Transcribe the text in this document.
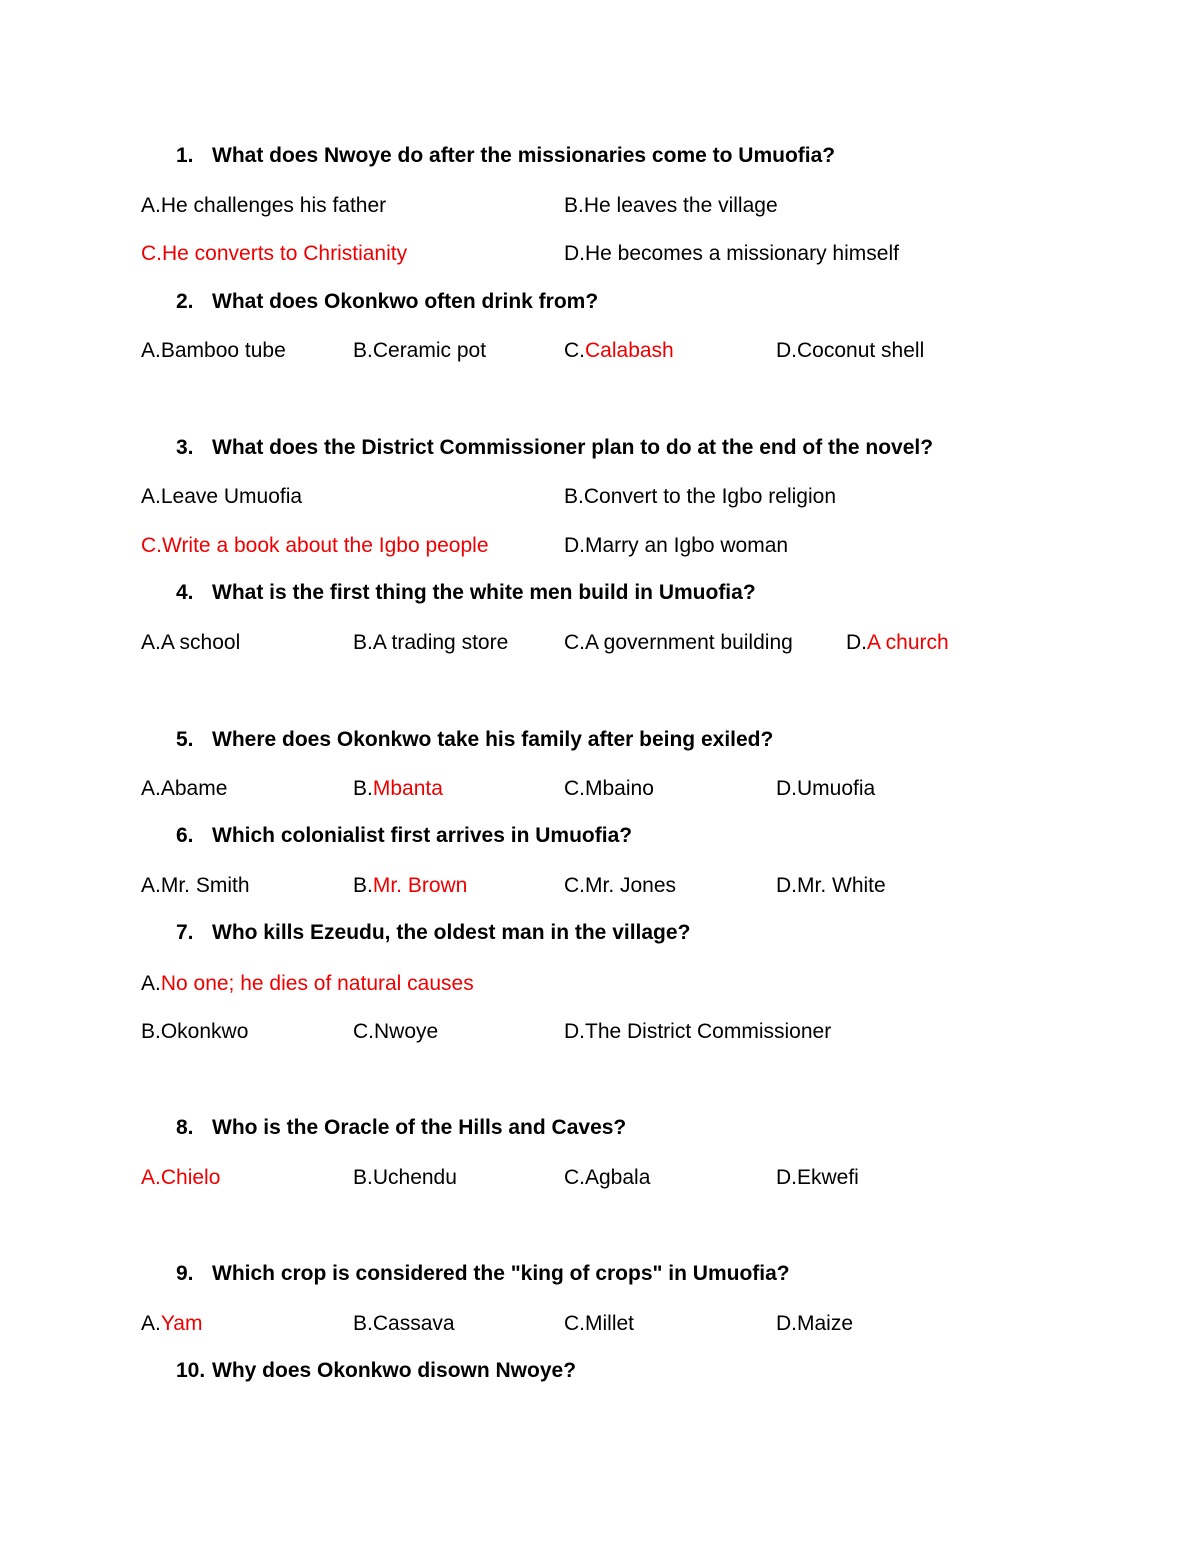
1. What does Nwoye do after the missionaries come to Umuofia?
A.He challenges his father	B.He leaves the village
C.He converts to Christianity	D.He becomes a missionary himself
2. What does Okonkwo often drink from?
A.Bamboo tube	B.Ceramic pot	C.Calabash	D.Coconut shell
3. What does the District Commissioner plan to do at the end of the novel?
A.Leave Umuofia	B.Convert to the Igbo religion
C.Write a book about the Igbo people	D.Marry an Igbo woman
4. What is the first thing the white men build in Umuofia?
A.A school	B.A trading store	C.A government building	D.A church
5. Where does Okonkwo take his family after being exiled?
A.Abame	B.Mbanta	C.Mbaino	D.Umuofia
6. Which colonialist first arrives in Umuofia?
A.Mr. Smith	B.Mr. Brown	C.Mr. Jones	D.Mr. White
7. Who kills Ezeudu, the oldest man in the village?
A.No one; he dies of natural causes
B.Okonkwo	C.Nwoye	D.The District Commissioner
8. Who is the Oracle of the Hills and Caves?
A.Chielo	B.Uchendu	C.Agbala	D.Ekwefi
9. Which crop is considered the "king of crops" in Umuofia?
A.Yam	B.Cassava	C.Millet	D.Maize
10. Why does Okonkwo disown Nwoye?
